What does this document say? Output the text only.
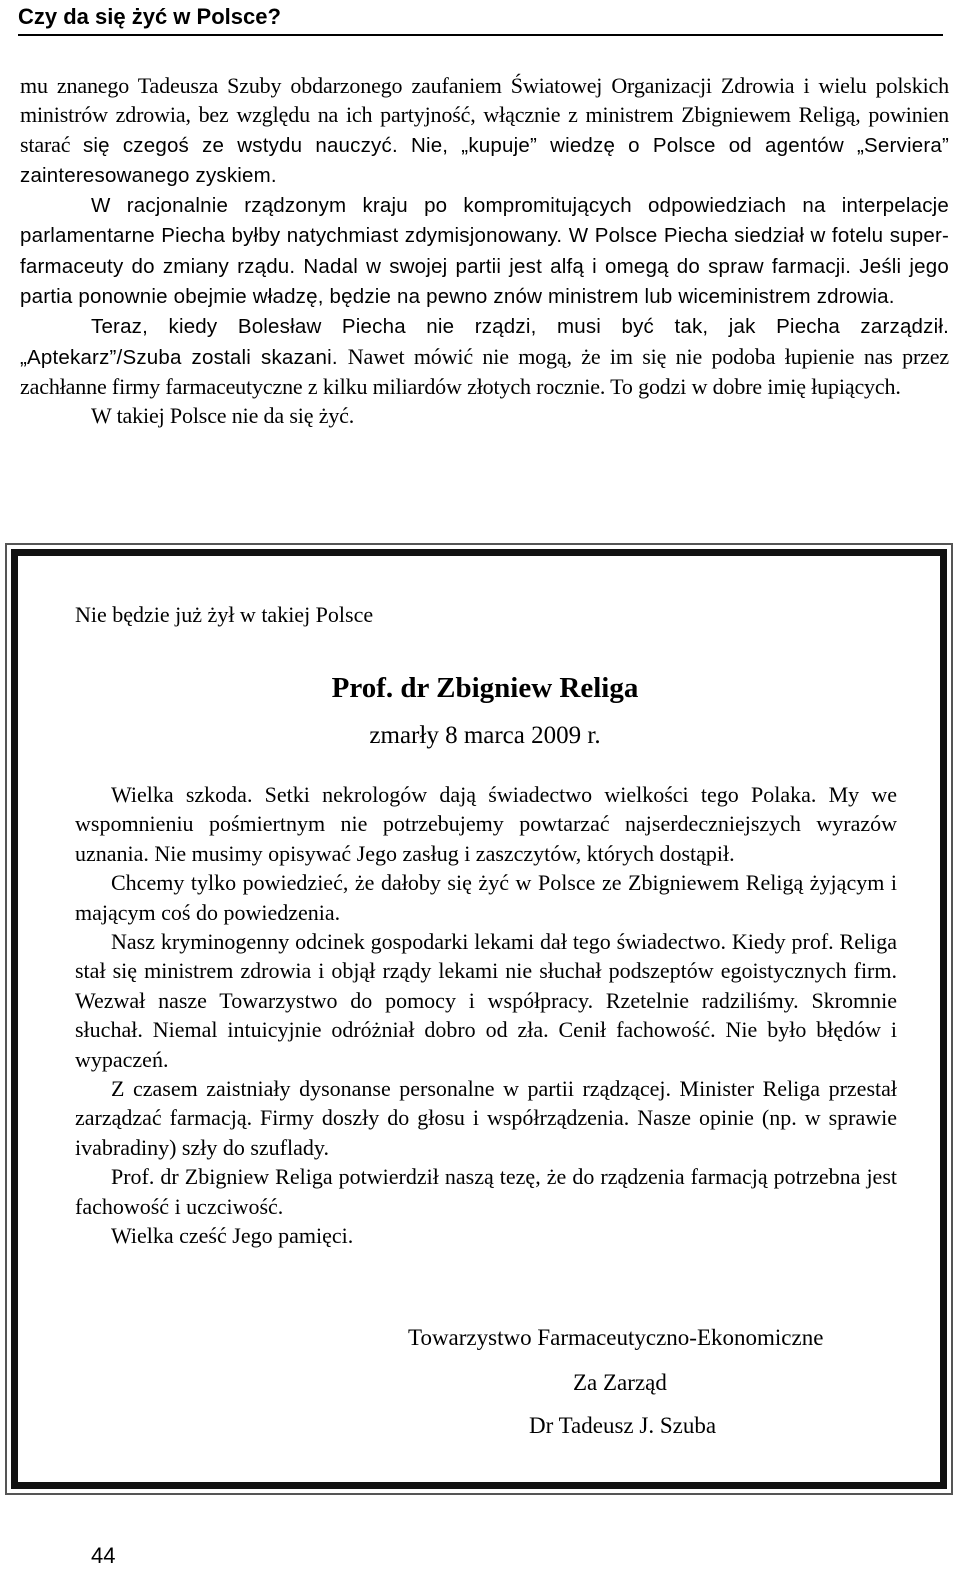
Czy da się żyć w Polsce?

mu znanego Tadeusza Szuby obdarzonego zaufaniem Światowej Organizacji Zdrowia i wielu polskich ministrów zdrowia, bez względu na ich partyjność, włącznie z ministrem Zbigniewem Religą, powinien starać się czegoś ze wstydu nauczyć. Nie, „kupuje” wiedzę o Polsce od agentów „Serviera” zainteresowanego zyskiem.

W racjonalnie rządzonym kraju po kompromitujących odpowiedziach na interpelacje parlamentarne Piecha byłby natychmiast zdymisjonowany. W Polsce Piecha siedział w fotelu super-farmaceuty do zmiany rządu. Nadal w swojej partii jest alfą i omegą do spraw farmacji. Jeśli jego partia ponownie obejmie władzę, będzie na pewno znów ministrem lub wiceministrem zdrowia.

Teraz, kiedy Bolesław Piecha nie rządzi, musi być tak, jak Piecha zarządził. „Aptekarz”/Szuba zostali skazani. Nawet mówić nie mogą, że im się nie podoba łupienie nas przez zachłanne firmy farmaceutyczne z kilku miliardów złotych rocznie. To godzi w dobre imię łupiących.

W takiej Polsce nie da się żyć.

Nie będzie już żył w takiej Polsce
Prof. dr Zbigniew Religa
zmarły 8 marca 2009 r.

Wielka szkoda. Setki nekrologów dają świadectwo wielkości tego Polaka. My we wspomnieniu pośmiertnym nie potrzebujemy powtarzać najserdeczniejszych wyrazów uznania. Nie musimy opisywać Jego zasług i zaszczytów, których dostąpił.

Chcemy tylko powiedzieć, że dałoby się żyć w Polsce ze Zbigniewem Religą żyjącym i mającym coś do powiedzenia.

Nasz kryminogenny odcinek gospodarki lekami dał tego świadectwo. Kiedy prof. Religa stał się ministrem zdrowia i objął rządy lekami nie słuchał podszeptów egoistycznych firm. Wezwał nasze Towarzystwo do pomocy i współpracy. Rzetelnie radziliśmy. Skromnie słuchał. Niemal intuicyjnie odróżniał dobro od zła. Cenił fachowość. Nie było błędów i wypaczeń.

Z czasem zaistniały dysonanse personalne w partii rządzącej. Minister Religa przestał zarządzać farmacją. Firmy doszły do głosu i współrządzenia. Nasze opinie (np. w sprawie ivabradiny) szły do szuflady.

Prof. dr Zbigniew Religa potwierdził naszą tezę, że do rządzenia farmacją potrzebna jest fachowość i uczciwość.

Wielka cześć Jego pamięci.

Towarzystwo Farmaceutyczno-Ekonomiczne
Za Zarząd
Dr Tadeusz J. Szuba
44
